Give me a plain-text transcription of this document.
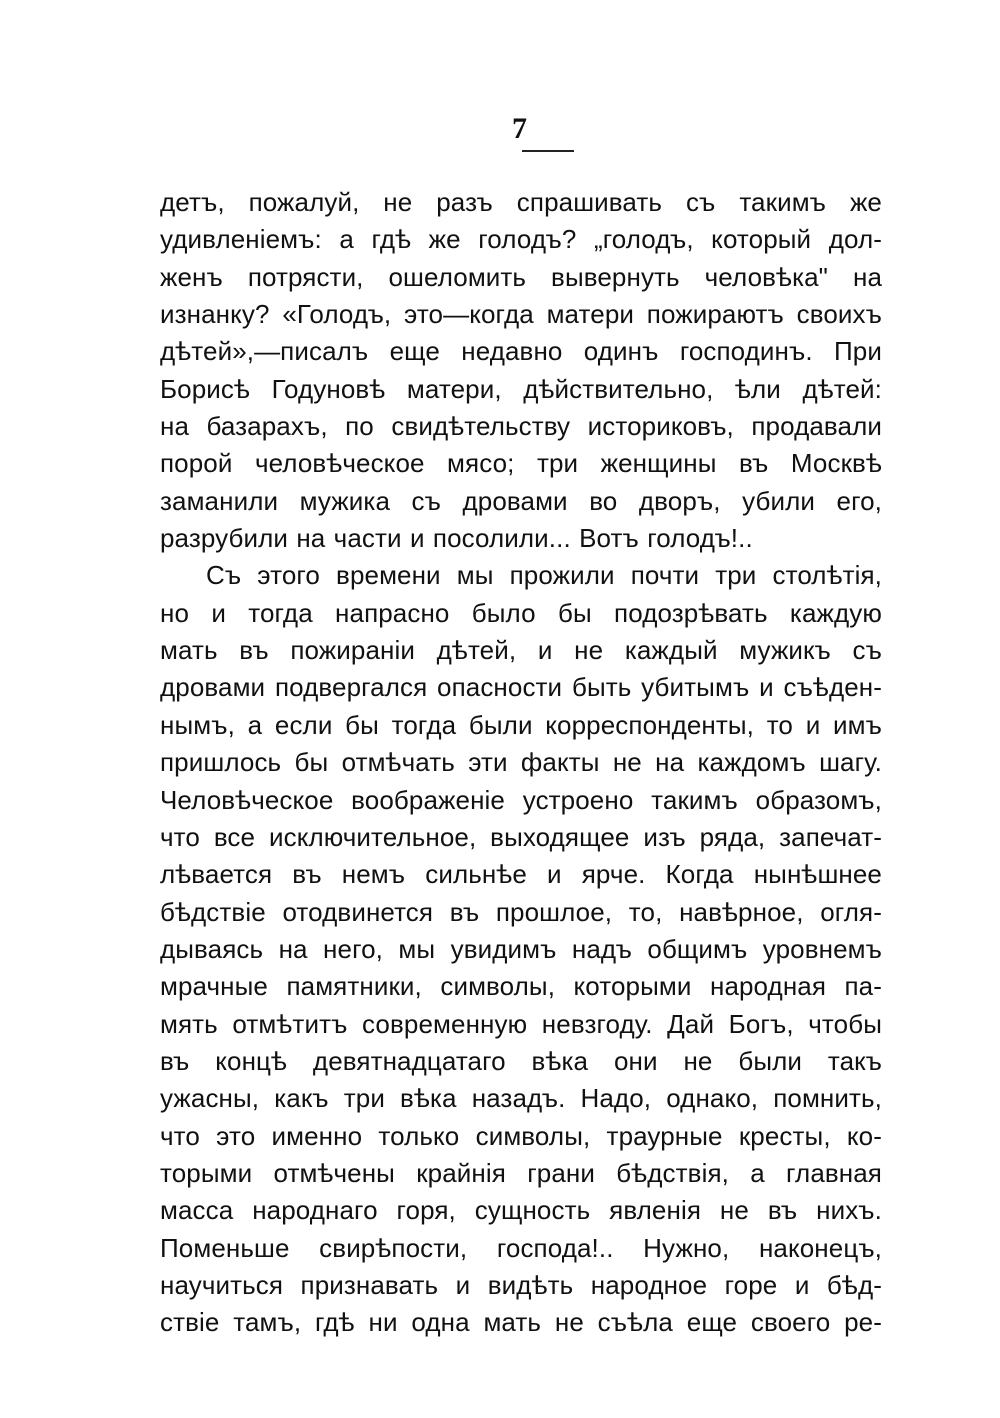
7
детъ, пожалуй, не разъ спрашивать съ такимъ же
удивленiемъ: а гдѣ же голодъ? „голодъ, который дол-
женъ потрясти, ошеломить вывернуть человѣка" на
изнанку? «Голодъ, это—когда матери пожираютъ своихъ
дѣтей»,—писалъ еще недавно одинъ господинъ. При
Борисѣ Годуновѣ матери, дѣйствительно, ѣли дѣтей:
на базарахъ, по свидѣтельству историковъ, продавали
порой человѣческое мясо; три женщины въ Москвѣ
заманили мужика съ дровами во дворъ, убили его,
разрубили на части и посолили... Вотъ голодъ!..
Съ этого времени мы прожили почти три столѣтiя,
но и тогда напрасно было бы подозрѣвать каждую
мать въ пожиранiи дѣтей, и не каждый мужикъ съ
дровами подвергался опасности быть убитымъ и съѣден-
нымъ, а если бы тогда были корреспонденты, то и имъ
пришлось бы отмѣчать эти факты не на каждомъ шагу.
Человѣческое воображенiе устроено такимъ образомъ,
что все исключительное, выходящее изъ ряда, запечат-
лѣвается въ немъ сильнѣе и ярче. Когда нынѣшнее
бѣдствiе отодвинется въ прошлое, то, навѣрное, огля-
дываясь на него, мы увидимъ надъ общимъ уровнемъ
мрачные памятники, символы, которыми народная па-
мять отмѣтитъ современную невзгоду. Дай Богъ, чтобы
въ концѣ девятнадцатаго вѣка они не были такъ
ужасны, какъ три вѣка назадъ. Надо, однако, помнить,
что это именно только символы, траурные кресты, ко-
торыми отмѣчены крайнiя грани бѣдствiя, а главная
масса народнаго горя, сущность явленiя не въ нихъ.
Поменьше свирѣпости, господа!.. Нужно, наконецъ,
научиться признавать и видѣть народное горе и бѣд-
ствiе тамъ, гдѣ ни одна мать не съѣла еще своего ре-
